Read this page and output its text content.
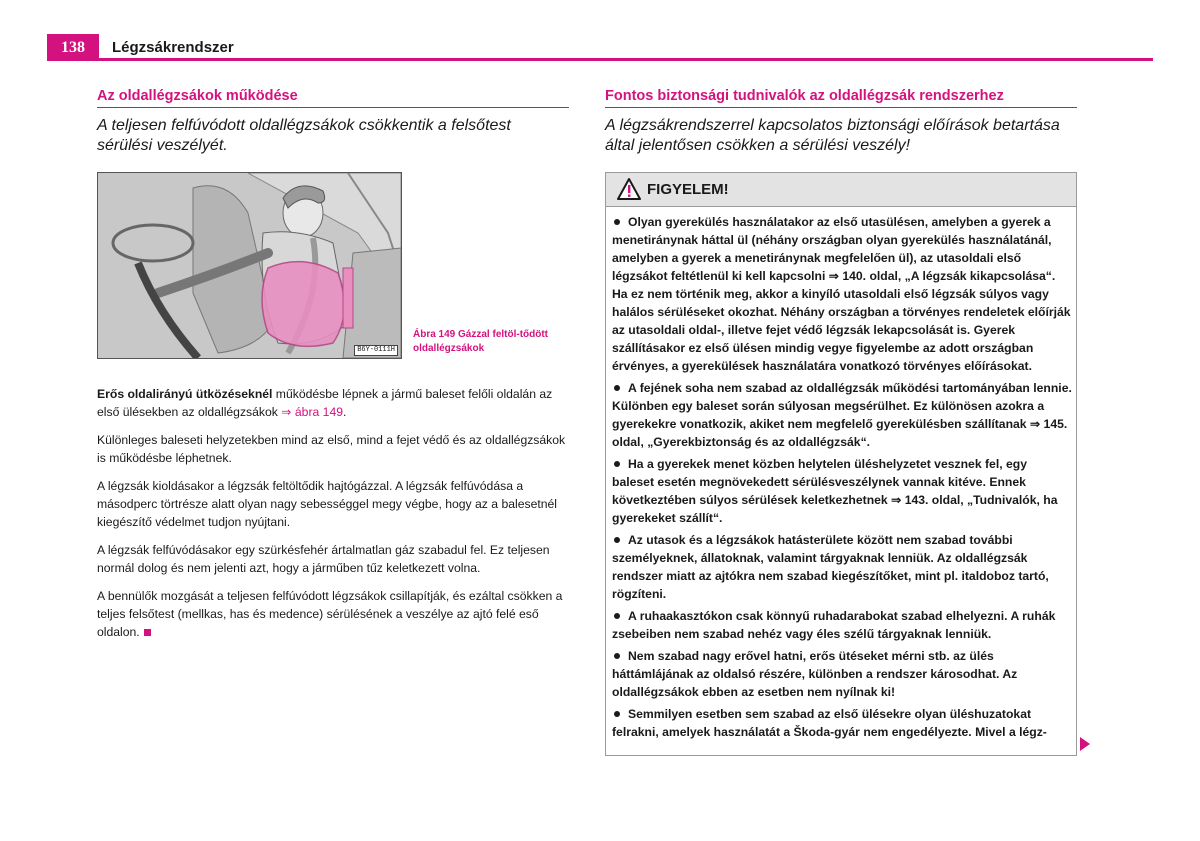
138	Légzsákrendszer
Az oldallégzsákok működése
A teljesen felfúvódott oldallégzsákok csökkentik a felsőtest sérülési veszélyét.
B6Y-0111H
Ábra 149 Gázzal feltöl-tődött oldallégzsákok

Erős oldalirányú ütközéseknél működésbe lépnek a jármű baleset felőli oldalán az első ülésekben az oldallégzsákok ⇒ ábra 149.

Különleges baleseti helyzetekben mind az első, mind a fejet védő és az oldallégzsákok is működésbe léphetnek.

A légzsák kioldásakor a légzsák feltöltődik hajtógázzal. A légzsák felfúvódása a másodperc törtrésze alatt olyan nagy sebességgel megy végbe, hogy az a balesetnél kiegészítő védelmet tudjon nyújtani.

A légzsák felfúvódásakor egy szürkésfehér ártalmatlan gáz szabadul fel. Ez teljesen normál dolog és nem jelenti azt, hogy a járműben tűz keletkezett volna.

A bennülők mozgását a teljesen felfúvódott légzsákok csillapítják, és ezáltal csökken a teljes felsőtest (mellkas, has és medence) sérülésének a veszélye az ajtó felé eső oldalon.

Fontos biztonsági tudnivalók az oldallégzsák rendszerhez
A légzsákrendszerrel kapcsolatos biztonsági előírások betartása által jelentősen csökken a sérülési veszély!
FIGYELEM!
Olyan gyerekülés használatakor az első utasülésen, amelyben a gyerek a menetiránynak háttal ül (néhány országban olyan gyerekülés használatánál, amelyben a gyerek a menetiránynak megfelelően ül), az utasoldali első légzsákot feltétlenül ki kell kapcsolni ⇒ 140. oldal, „A légzsák kikapcsolása“. Ha ez nem történik meg, akkor a kinyíló utasoldali első légzsák súlyos vagy halálos sérüléseket okozhat. Néhány országban a törvényes rendeletek előírják az utasoldali oldal-, illetve fejet védő légzsák lekapcsolását is. Gyerek szállításakor ez első ülésen mindig vegye figyelembe az adott országban érvényes, a gyerekülések használatára vonatkozó törvényes előírásokat.
A fejének soha nem szabad az oldallégzsák működési tartományában lennie. Különben egy baleset során súlyosan megsérülhet. Ez különösen azokra a gyerekekre vonatkozik, akiket nem megfelelő gyerekülésben szállítanak ⇒ 145. oldal, „Gyerekbiztonság és az oldallégzsák“.
Ha a gyerekek menet közben helytelen üléshelyzetet vesznek fel, egy baleset esetén megnövekedett sérülésveszélynek vannak kitéve. Ennek következtében súlyos sérülések keletkezhetnek ⇒ 143. oldal, „Tudnivalók, ha gyerekeket szállít“.
Az utasok és a légzsákok hatásterülete között nem szabad további személyeknek, állatoknak, valamint tárgyaknak lenniük. Az oldallégzsák rendszer miatt az ajtókra nem szabad kiegészítőket, mint pl. italdoboz tartó, rögzíteni.
A ruhaakasztókon csak könnyű ruhadarabokat szabad elhelyezni. A ruhák zsebeiben nem szabad nehéz vagy éles szélű tárgyaknak lenniük.
Nem szabad nagy erővel hatni, erős ütéseket mérni stb. az ülés háttámlájának az oldalsó részére, különben a rendszer károsodhat. Az oldallégzsákok ebben az esetben nem nyílnak ki!
Semmilyen esetben sem szabad az első ülésekre olyan üléshuzatokat felrakni, amelyek használatát a Škoda-gyár nem engedélyezte. Mivel a légz-
